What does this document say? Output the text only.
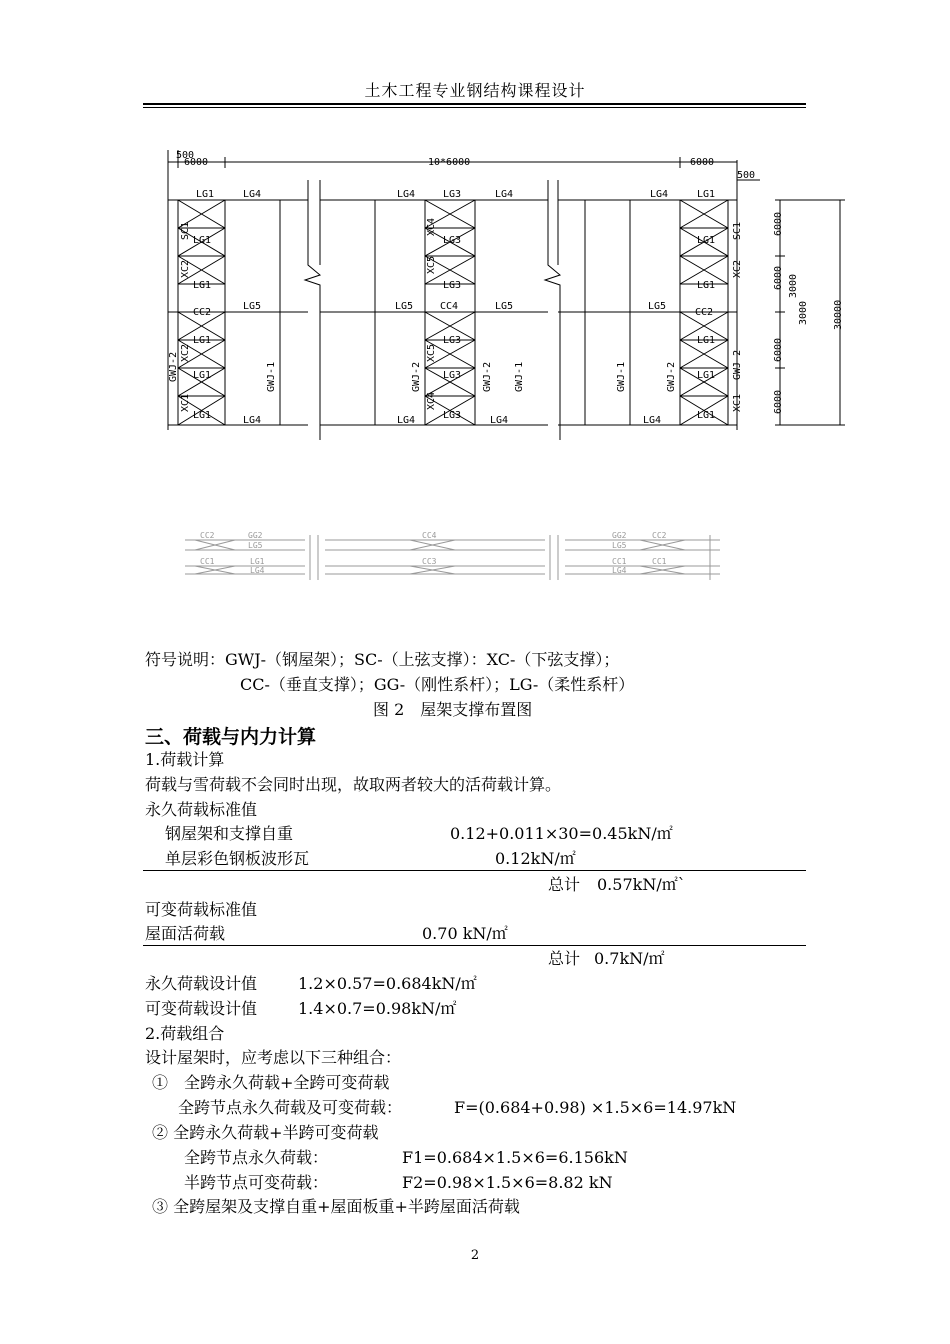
土木工程专业钢结构课程设计
500
6000	10*6000	6000
500
LG1	LG4	LG4	LG3	LG4	LG4	LG1
LG1
LG1
CC2
LG1
LG1
LG1
LG5	LG5	CC4	LG5	LG5
CC2
LG3
LG3
LG3
LG3
LG3
LG1
LG1
LG1
LG1
LG1
LG4	LG4	LG4	LG4
SC1
XC2
XC2
XC1
GWJ-2	GWJ-1
XC4
XC5
XC5
XC4
GWJ-2	GWJ-2 GWJ-1	GWJ-1	GWJ-2
SC1
XC2
GWJ-2
XC1
6000
6000 3000
3000 30000
6000
6000
CC2	GG2
LG5
CC4	GG2
LG5
CC2
CC1	LG1
LG4
CC3	CC1
LG4
CC1
符号说明：GWJ-（钢屋架）；SC-（上弦支撑）：XC-（下弦支撑）；
CC-（垂直支撑）；GG-（刚性系杆）；LG-（柔性系杆）
图 2　屋架支撑布置图
三、荷载与内力计算
1.荷载计算
荷载与雪荷载不会同时出现，故取两者较大的活荷载计算。
永久荷载标准值
钢屋架和支撑自重	0.12+0.011×30=0.45kN/㎡
单层彩色钢板波形瓦	0.12kN/㎡
总计 0.57kN/㎡`
可变荷载标准值
屋面活荷载	0.70 kN/㎡
总计 0.7kN/㎡
永久荷载设计值	1.2×0.57=0.684kN/㎡
可变荷载设计值	1.4×0.7=0.98kN/㎡
2.荷载组合
设计屋架时，应考虑以下三种组合：
①　全跨永久荷载+全跨可变荷载
全跨节点永久荷载及可变荷载：	F=(0.684+0.98) ×1.5×6=14.97kN
② 全跨永久荷载+半跨可变荷载
全跨节点永久荷载：	F1=0.684×1.5×6=6.156kN
半跨节点可变荷载：	F2=0.98×1.5×6=8.82 kN
③ 全跨屋架及支撑自重+屋面板重+半跨屋面活荷载
2
